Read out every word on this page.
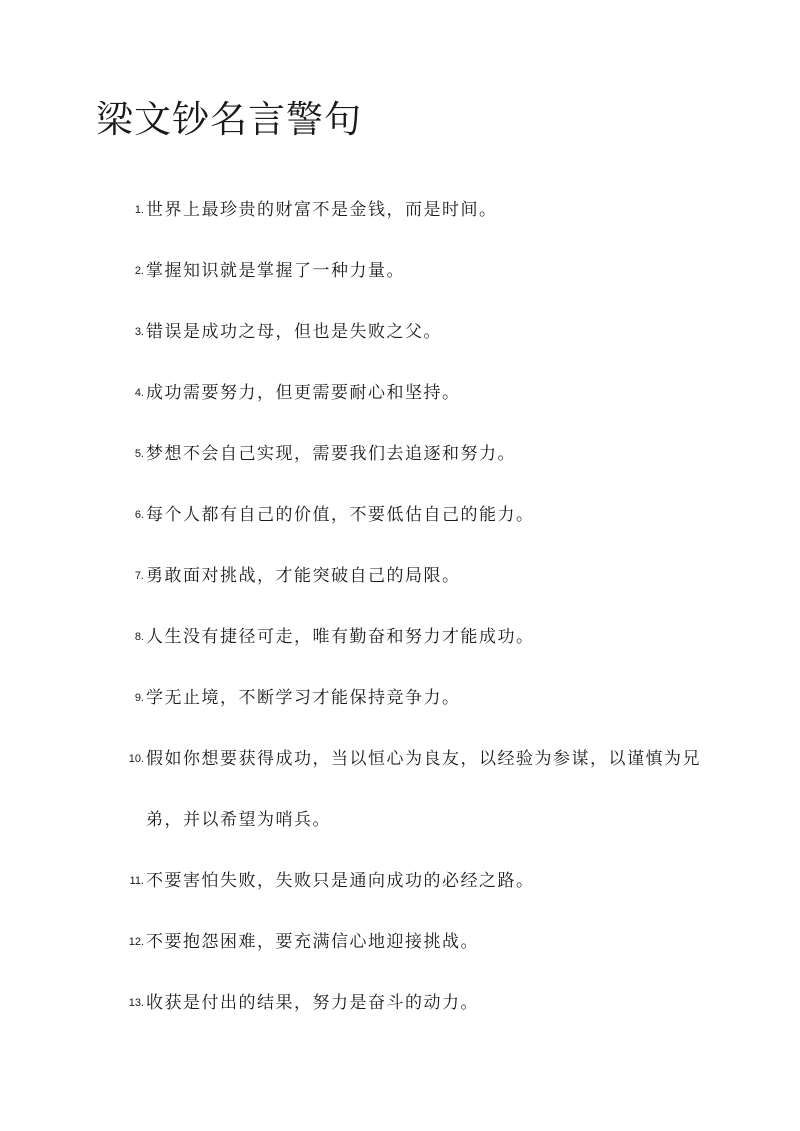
梁文钞名言警句
1. 世界上最珍贵的财富不是金钱，而是时间。
2. 掌握知识就是掌握了一种力量。
3. 错误是成功之母，但也是失败之父。
4. 成功需要努力，但更需要耐心和坚持。
5. 梦想不会自己实现，需要我们去追逐和努力。
6. 每个人都有自己的价值，不要低估自己的能力。
7. 勇敢面对挑战，才能突破自己的局限。
8. 人生没有捷径可走，唯有勤奋和努力才能成功。
9. 学无止境，不断学习才能保持竞争力。
10. 假如你想要获得成功，当以恒心为良友，以经验为参谋，以谨慎为兄弟，并以希望为哨兵。
11. 不要害怕失败，失败只是通向成功的必经之路。
12. 不要抱怨困难，要充满信心地迎接挑战。
13. 收获是付出的结果，努力是奋斗的动力。
